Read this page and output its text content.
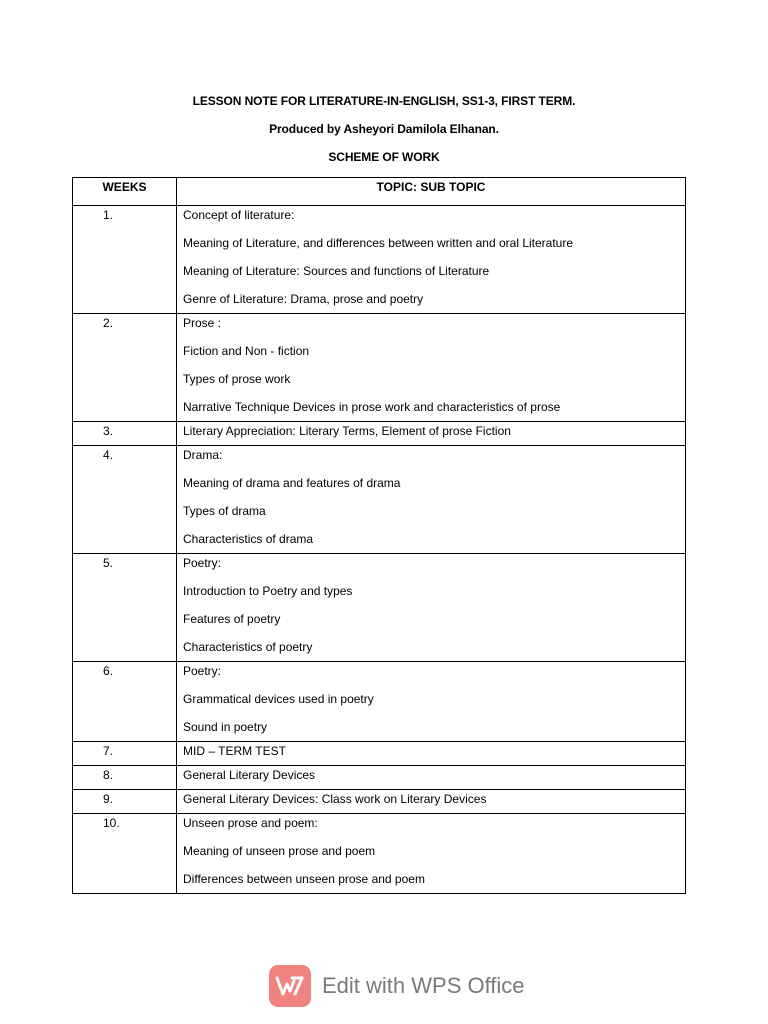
LESSON NOTE FOR LITERATURE-IN-ENGLISH, SS1-3, FIRST TERM.
Produced by Asheyori Damilola Elhanan.
SCHEME OF WORK
WEEKS	TOPIC: SUB TOPIC
1.	Concept of literature:
Meaning of Literature, and differences between written and oral Literature
Meaning of Literature: Sources and functions of Literature
Genre of Literature: Drama, prose and poetry

2.	Prose :
Fiction and Non - fiction
Types of prose work
Narrative Technique Devices in prose work and characteristics of prose

3.	Literary Appreciation: Literary Terms, Element of prose Fiction

4.	Drama:
Meaning of drama and features of drama
Types of drama
Characteristics of drama

5.	Poetry:
Introduction to Poetry and types
Features of poetry
Characteristics of poetry

6.	Poetry:
Grammatical devices used in poetry
Sound in poetry

7.	MID – TERM TEST

8.	General Literary Devices

9.	General Literary Devices: Class work on Literary Devices

10.	Unseen prose and poem:
Meaning of unseen prose and poem
Differences between unseen prose and poem
Edit with WPS Office
